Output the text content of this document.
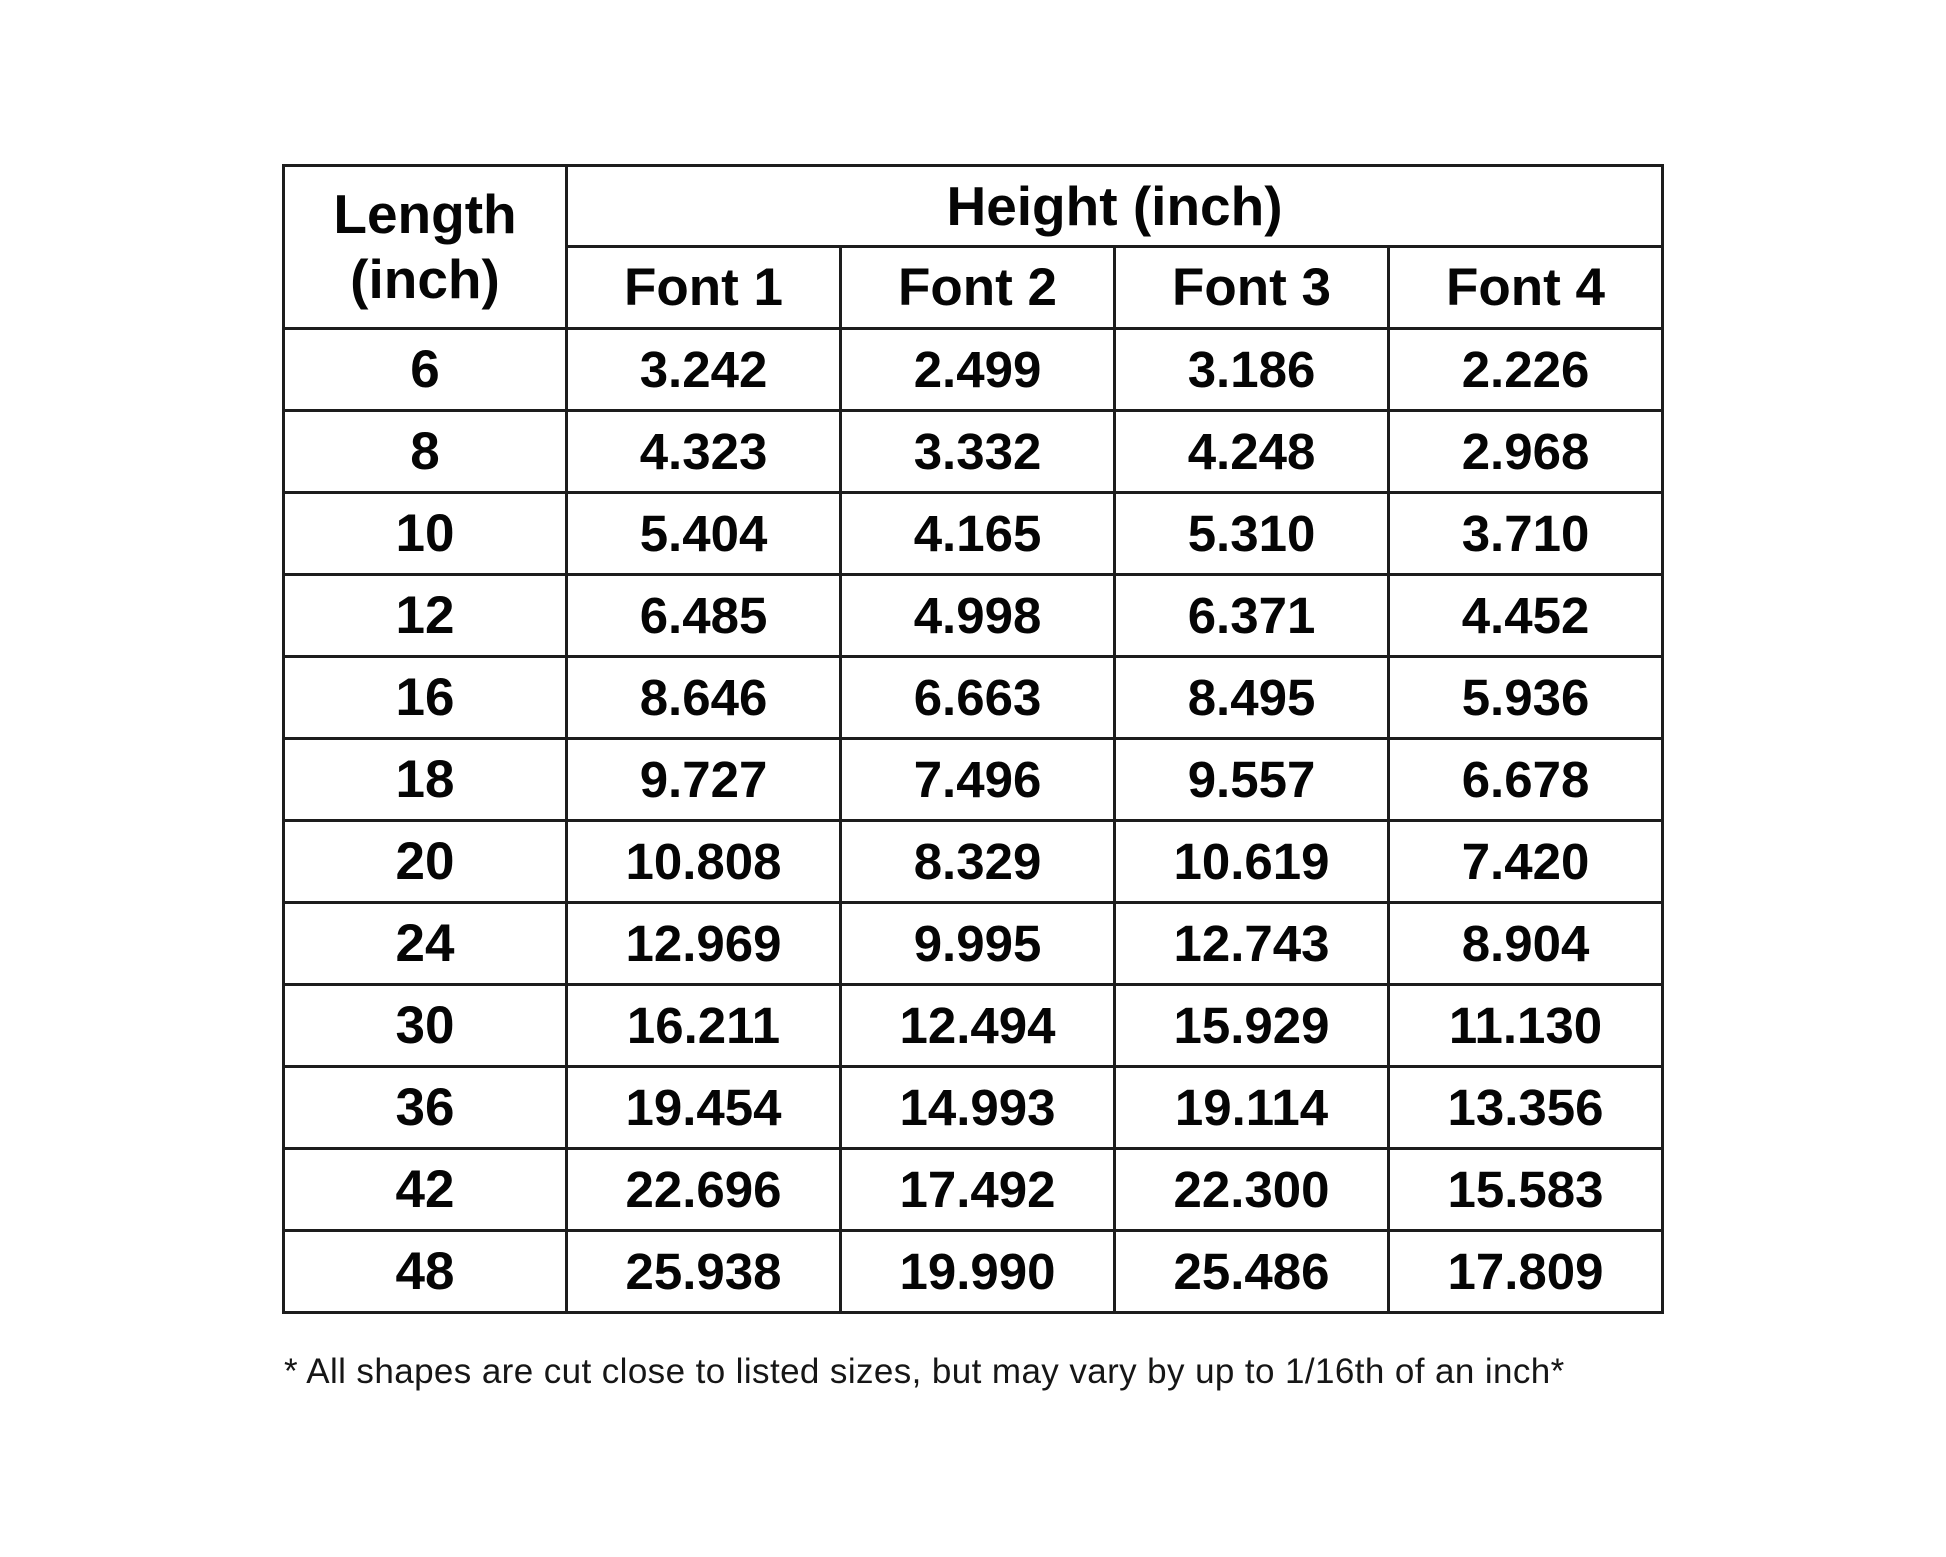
Length
(inch)	Height (inch)			
	Font 1	Font 2	Font 3	Font 4
6	3.242	2.499	3.186	2.226
8	4.323	3.332	4.248	2.968
10	5.404	4.165	5.310	3.710
12	6.485	4.998	6.371	4.452
16	8.646	6.663	8.495	5.936
18	9.727	7.496	9.557	6.678
20	10.808	8.329	10.619	7.420
24	12.969	9.995	12.743	8.904
30	16.211	12.494	15.929	11.130
36	19.454	14.993	19.114	13.356
42	22.696	17.492	22.300	15.583
48	25.938	19.990	25.486	17.809
* All shapes are cut close to listed sizes, but may vary by up to 1/16th of an inch*
